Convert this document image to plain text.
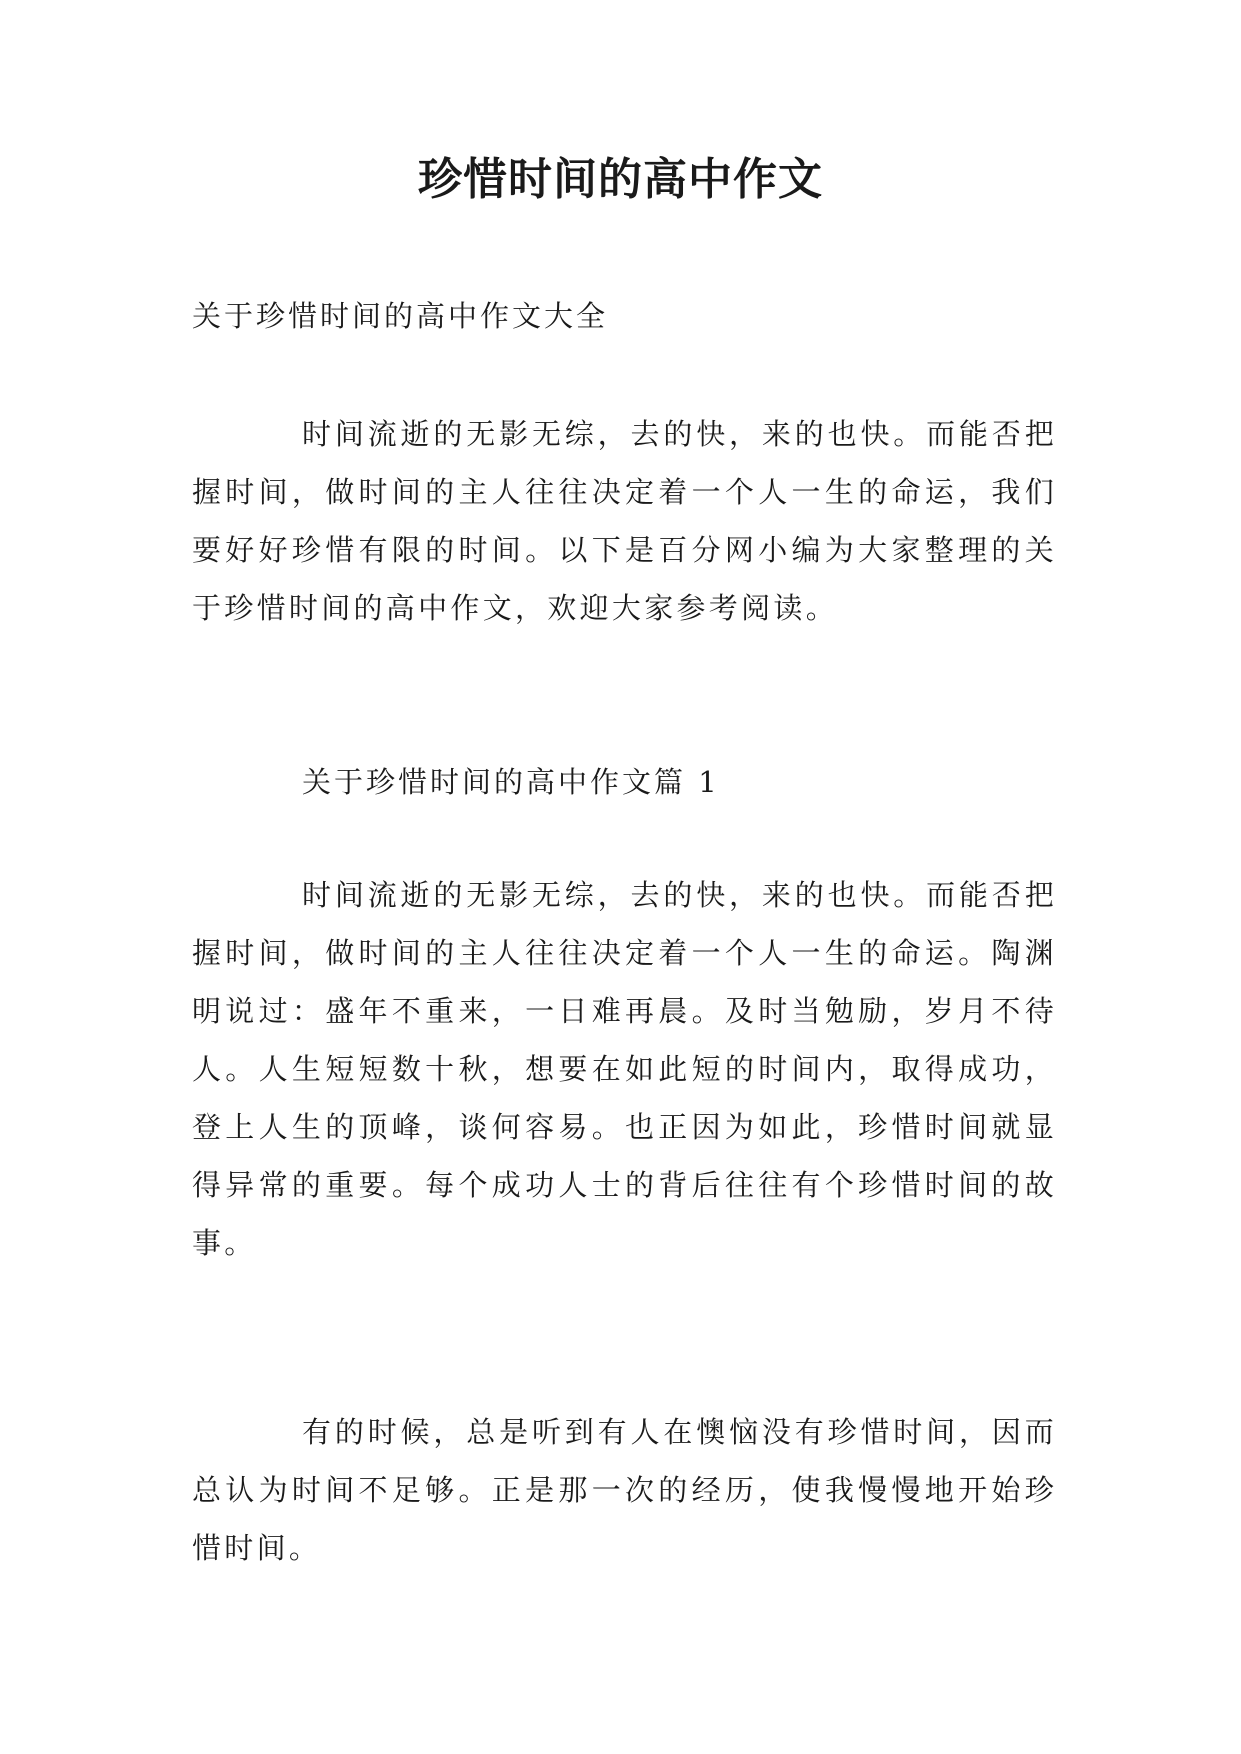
珍惜时间的高中作文

关于珍惜时间的高中作文大全

时间流逝的无影无综，去的快，来的也快。而能否把握时间，做时间的主人往往决定着一个人一生的命运，我们要好好珍惜有限的时间。以下是百分网小编为大家整理的关于珍惜时间的高中作文，欢迎大家参考阅读。

关于珍惜时间的高中作文篇 1

时间流逝的无影无综，去的快，来的也快。而能否把握时间，做时间的主人往往决定着一个人一生的命运。陶渊明说过：盛年不重来，一日难再晨。及时当勉励，岁月不待人。人生短短数十秋，想要在如此短的时间内，取得成功，登上人生的顶峰，谈何容易。也正因为如此，珍惜时间就显得异常的重要。每个成功人士的背后往往有个珍惜时间的故事。

有的时候，总是听到有人在懊恼没有珍惜时间，因而总认为时间不足够。正是那一次的经历，使我慢慢地开始珍惜时间。
